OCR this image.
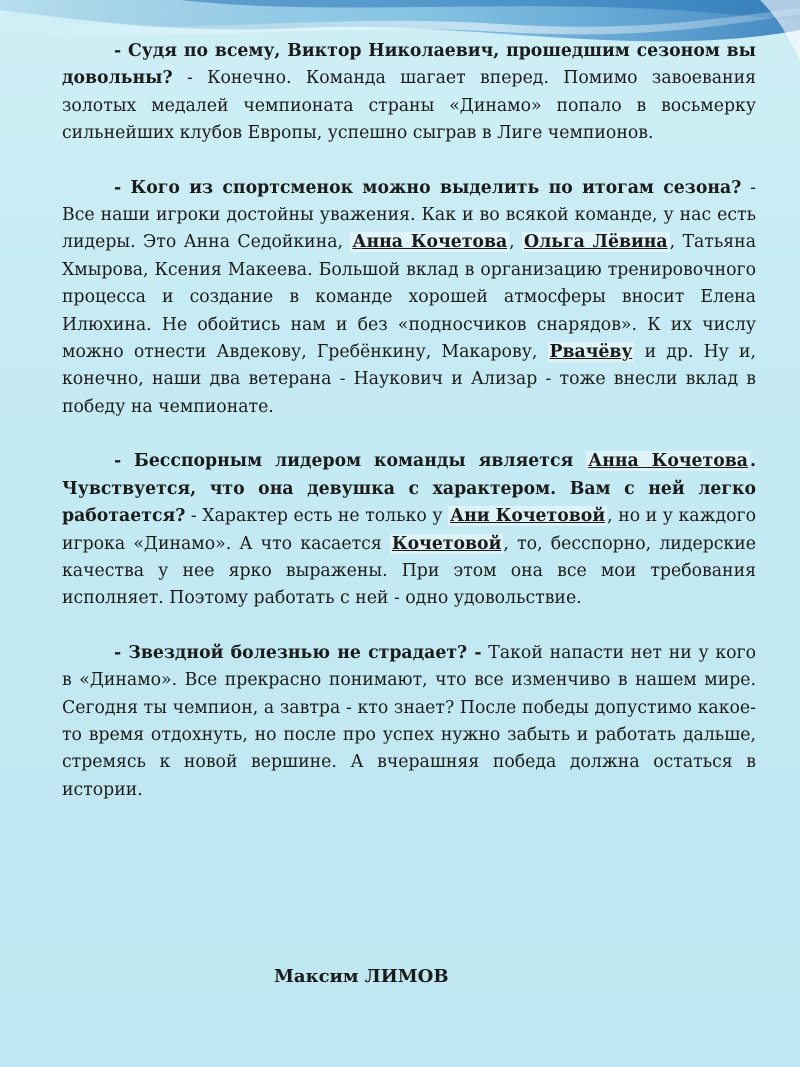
- Судя по всему, Виктор Николаевич, прошедшим сезоном вы довольны? - Конечно. Команда шагает вперед. Помимо завоевания золотых медалей чемпионата страны «Динамо» попало в восьмерку сильнейших клубов Европы, успешно сыграв в Лиге чемпионов.

- Кого из спортсменок можно выделить по итогам сезона? - Все наши игроки достойны уважения. Как и во всякой команде, у нас есть лидеры. Это Анна Седойкина, Анна Кочетова , Ольга Лёвина , Татьяна Хмырова, Ксения Макеева. Большой вклад в организацию тренировочного процесса и создание в команде хорошей атмосферы вносит Елена Илюхина. Не обойтись нам и без «подносчиков снарядов». К их числу можно отнести Авдекову, Гребёнкину, Макарову, Рвачёву и др. Ну и, конечно, наши два ветерана - Наукович и Ализар - тоже внесли вклад в победу на чемпионате.

- Бесспорным лидером команды является Анна Кочетова . Чувствуется, что она девушка с характером. Вам с ней легко работается? - Характер есть не только у Ани Кочетовой , но и у каждого игрока «Динамо». А что касается Кочетовой , то, бесспорно, лидерские качества у нее ярко выражены. При этом она все мои требования исполняет. Поэтому работать с ней - одно удовольствие.

- Звездной болезнью не страдает? - Такой напасти нет ни у кого в «Динамо». Все прекрасно понимают, что все изменчиво в нашем мире. Сегодня ты чемпион, а завтра - кто знает? После победы допустимо какое-то время отдохнуть, но после про успех нужно забыть и работать дальше, стремясь к новой вершине. А вчерашняя победа должна остаться в истории.

Максим ЛИМОВ
